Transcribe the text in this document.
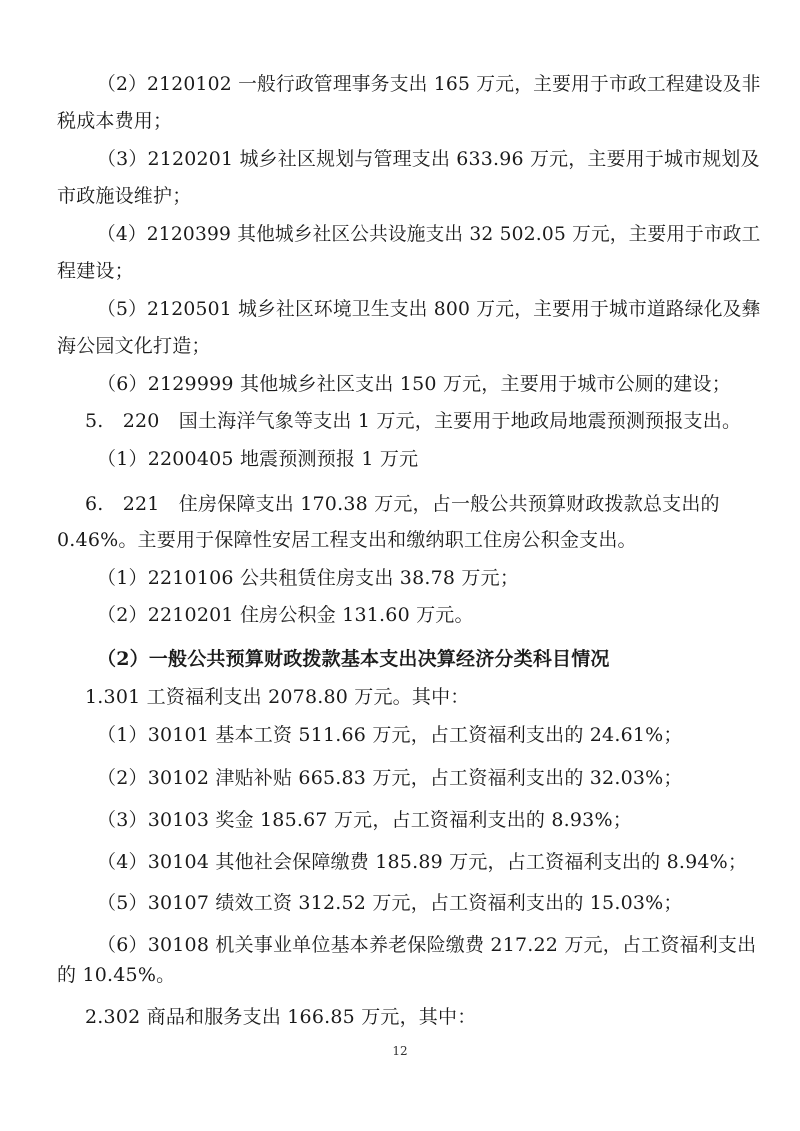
（2）2120102 一般行政管理事务支出 165 万元，主要用于市政工程建设及非
税成本费用；
（3）2120201 城乡社区规划与管理支出 633.96 万元，主要用于城市规划及
市政施设维护；
（4）2120399 其他城乡社区公共设施支出 32 502.05 万元，主要用于市政工
程建设；
（5）2120501 城乡社区环境卫生支出 800 万元，主要用于城市道路绿化及彝
海公园文化打造；
（6）2129999 其他城乡社区支出 150 万元，主要用于城市公厕的建设；
5.　220　国土海洋气象等支出 1 万元，主要用于地政局地震预测预报支出。
（1）2200405 地震预测预报 1 万元
6.　221　住房保障支出 170.38 万元，占一般公共预算财政拨款总支出的
0.46%。主要用于保障性安居工程支出和缴纳职工住房公积金支出。
（1）2210106 公共租赁住房支出 38.78 万元；
（2）2210201 住房公积金 131.60 万元。
（2）一般公共预算财政拨款基本支出决算经济分类科目情况
1.301 工资福利支出 2078.80 万元。其中：
（1）30101 基本工资 511.66 万元，占工资福利支出的 24.61%；
（2）30102 津贴补贴 665.83 万元，占工资福利支出的 32.03%；
（3）30103 奖金 185.67 万元，占工资福利支出的 8.93%；
（4）30104 其他社会保障缴费 185.89 万元，占工资福利支出的 8.94%；
（5）30107 绩效工资 312.52 万元，占工资福利支出的 15.03%；
（6）30108 机关事业单位基本养老保险缴费 217.22 万元，占工资福利支出
的 10.45%。
2.302 商品和服务支出 166.85 万元，其中：
12
